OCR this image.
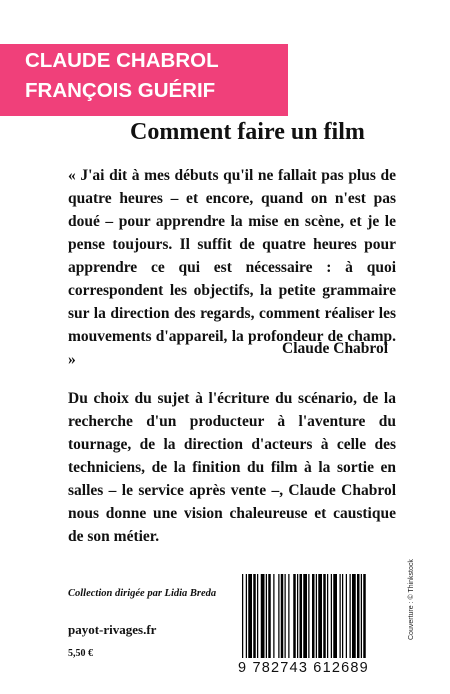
CLAUDE CHABROL
FRANÇOIS GUÉRIF
Comment faire un film
« J'ai dit à mes débuts qu'il ne fallait pas plus de quatre heures – et encore, quand on n'est pas doué – pour apprendre la mise en scène, et je le pense toujours. Il suffit de quatre heures pour apprendre ce qui est nécessaire : à quoi correspondent les objectifs, la petite grammaire sur la direction des regards, comment réaliser les mouvements d'appareil, la profondeur de champ. »
Claude Chabrol
Du choix du sujet à l'écriture du scénario, de la recherche d'un producteur à l'aventure du tournage, de la direction d'acteurs à celle des techniciens, de la finition du film à la sortie en salles – le service après vente –, Claude Chabrol nous donne une vision chaleureuse et caustique de son métier.
Collection dirigée par Lidia Breda
payot-rivages.fr
5,50 €
Couverture : © Thinkstock
9 782743 612689
